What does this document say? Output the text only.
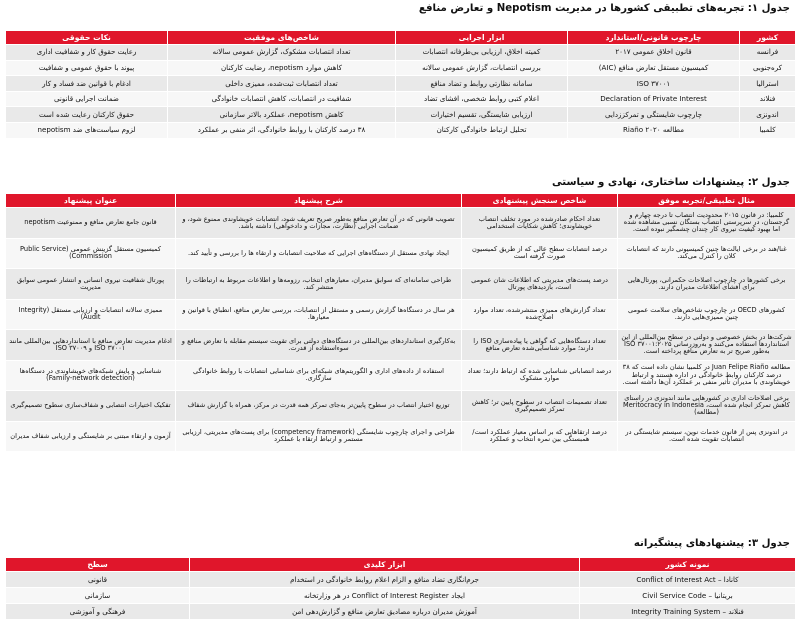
جدول ۱: تجربه‌های تطبیقی کشورها در مدیریت Nepotism و تعارض منافع
کشور	چارچوب قانونی/استاندارد	ابزار اجرایی	شاخص‌های موفقیت	نکات حقوقی
فرانسه	قانون اخلاق عمومی ۲۰۱۷	کمیته اخلاق، ارزیابی بی‌طرفانه انتصابات	تعداد انتصابات مشکوک، گزارش عمومی سالانه	رعایت حقوق کار و شفافیت اداری
کره‌جنوبی	کمیسیون مستقل تعارض منافع (AIC)	بررسی انتصابات، گزارش عمومی سالانه	کاهش موارد nepotism، رضایت کارکنان	پیوند با حقوق عمومی و شفافیت
استرالیا	ISO ۳۷۰۰۱	سامانه نظارتی روابط و تضاد منافع	تعداد انتصابات ثبت‌شده، ممیزی داخلی	ادغام با قوانین ضد فساد و کار
فنلاند	Declaration of Private Interest	اعلام کتبی روابط شخصی، افشای تضاد	شفافیت در انتصابات، کاهش انتصابات خانوادگی	ضمانت اجرایی قانونی
اندونزی	چارچوب شایستگی و تمرکززدایی	ارزیابی شایستگی، تقسیم اختیارات	کاهش nepotism، عملکرد بالاتر سازمانی	حقوق کارکنان رعایت شده است
کلمبیا	مطالعه Riaño ۲۰۲۰	تحلیل ارتباط خانوادگی کارکنان	۳۸ درصد کارکنان با روابط خانوادگی، اثر منفی بر عملکرد	لزوم سیاست‌های ضد nepotism
جدول ۲: پیشنهادات ساختاری، نهادی و سیاستی
مثال تطبیقی/تجربه موفق	شاخص سنجش پیشنهادی	شرح پیشنهاد	عنوان پیشنهاد
کلمبیا: در قانون ۲۰۱۵ محدودیت انتصاب تا درجه چهارم و گرجستان، در سرپرستی انتصاب بستگان نسبی مشاهده شده اما بهبود کیفیت نیروی کار چندان چشمگیر نبوده است.	تعداد احکام صادرشده در مورد تخلف انتصاب خویشاوندی؛ کاهش شکایات استخدامی	تصویب قانونی که در آن تعارض منافع به‌طور صریح تعریف شود، انتصابات خویشاوندی ممنوع شود، و ضمانت اجرایی (نظارت، مجازات و دادخواهی) داشته باشد.	قانون جامع تعارض منافع و ممنوعیت nepotism
غنا/هند در برخی ایالت‌ها چنین کمیسیونی دارند که انتصابات کلان را کنترل می‌کند.	درصد انتصابات سطح عالی که از طریق کمیسیون صورت گرفته است	ایجاد نهادی مستقل از دستگاه‌های اجرایی که صلاحیت انتصابات و ارتقاء ها را بررسی و تأیید کند.	کمیسیون مستقل گزینش عمومی (Public Service Commission)
برخی کشورها در چارچوب اصلاحات حکمرانی، پورتال‌هایی برای افشای اطلاعات مدیران دارند.	درصد پست‌های مدیریتی که اطلاعات شان عمومی است، بازدیدهای پورتال	طراحی سامانه‌ای که سوابق مدیران، معیارهای انتخاب، رزومه‌ها و اطلاعات مربوط به ارتباطات را منتشر کند.	پورتال شفافیت نیروی انسانی و انتشار عمومی سوابق مدیریت
کشورهای OECD در چارچوب شاخص‌های سلامت عمومی چنین ممیزی‌هایی دارند.	تعداد گزارش‌های ممیزی منتشرشده، تعداد موارد اصلاح‌شده	هر سال در دستگاه‌ها گزارش رسمی و مستقل از انتصابات، بررسی تعارض منافع، انطباق با قوانین و معیارها.	ممیزی سالانه انتصابات و ارزیابی مستقل (Integrity Audit)
شرکت‌ها در بخش خصوصی و دولتی در سطح بین‌المللی از این استانداردها استفاده می‌کنند و به‌روزرسانی ISO ۳۷۰۰۱:۲۰۲۵ به‌طور صریح تر به تعارض منافع پرداخته است.	تعداد دستگاه‌هایی که گواهی یا پیاده‌سازی ISO را دارند؛ موارد شناسایی‌شده تعارض منافع	به‌کارگیری استانداردهای بین‌المللی در دستگاه‌های دولتی برای تقویت سیستم مقابله با تعارض منافع و سوءاستفاده از قدرت.	ادغام مدیریت تعارض منافع با استانداردهایی بین‌المللی مانند ISO ۳۷۰۰۱ و ISO ۳۷۰۰۹
مطالعه Juan Felipe Riaño در کلمبیا نشان داده است که ۳۸ درصد کارکنان روابط خانوادگی در اداره هستند و ارتباط خویشاوندی با مدیران تأثیر منفی بر عملکرد آن‌ها داشته است.	درصد انتصاباتی شناسایی شده که ارتباط دارند؛ تعداد موارد مشکوک	استفاده از داده‌های اداری و الگوریتم‌های شبکه‌ای برای شناسایی انتصابات با روابط خانوادگی سازگاری.	شناسایی و پایش شبکه‌های خویشاوندی در دستگاه‌ها (Family-network detection)
برخی اصلاحات اداری در کشورهایی مانند اندونزی در راستای کاهش تمرکز انجام شده است، Meritocracy in Indonesia (مطالعه)	تعداد تصمیمات انتصاب در سطوح پایین تر؛ کاهش تمرکز تصمیم‌گیری	توزیع اختیار انتصاب در سطوح پایین‌تر به‌جای تمرکز همه قدرت در مرکز، همراه با گزارش شفاف	تفکیک اختیارات انتصابی و شفاف‌سازی سطوح تصمیم‌گیری
در اندونزی پس از قانون خدمات نوین، سیستم شایستگی در انتصابات تقویت شده است.	درصد ارتقاهایی که بر اساس معیار عملکرد است/همبستگی بین نمره انتخاب و عملکرد	طراحی و اجرای چارچوب شایستگی (competency framework) برای پست‌های مدیریتی، ارزیابی مستمر و ارتباط ارتقاء با عملکرد	آزمون و ارتقاء مبتنی بر شایستگی و ارزیابی شفاف مدیران
جدول ۳: پیشنهادهای پیشگیرانه
نمونه کشور	ابزار کلیدی	سطح
کانادا – Conflict of Interest Act	جرم‌انگاری تضاد منافع و الزام اعلام روابط خانوادگی در استخدام	قانونی
بریتانیا – Civil Service Code	ایجاد Conflict of Interest Register در هر وزارتخانه	سازمانی
فنلاند – Integrity Training System	آموزش مدیران درباره مصادیق تعارض منافع و گزارش‌دهی امن	فرهنگی و آموزشی
